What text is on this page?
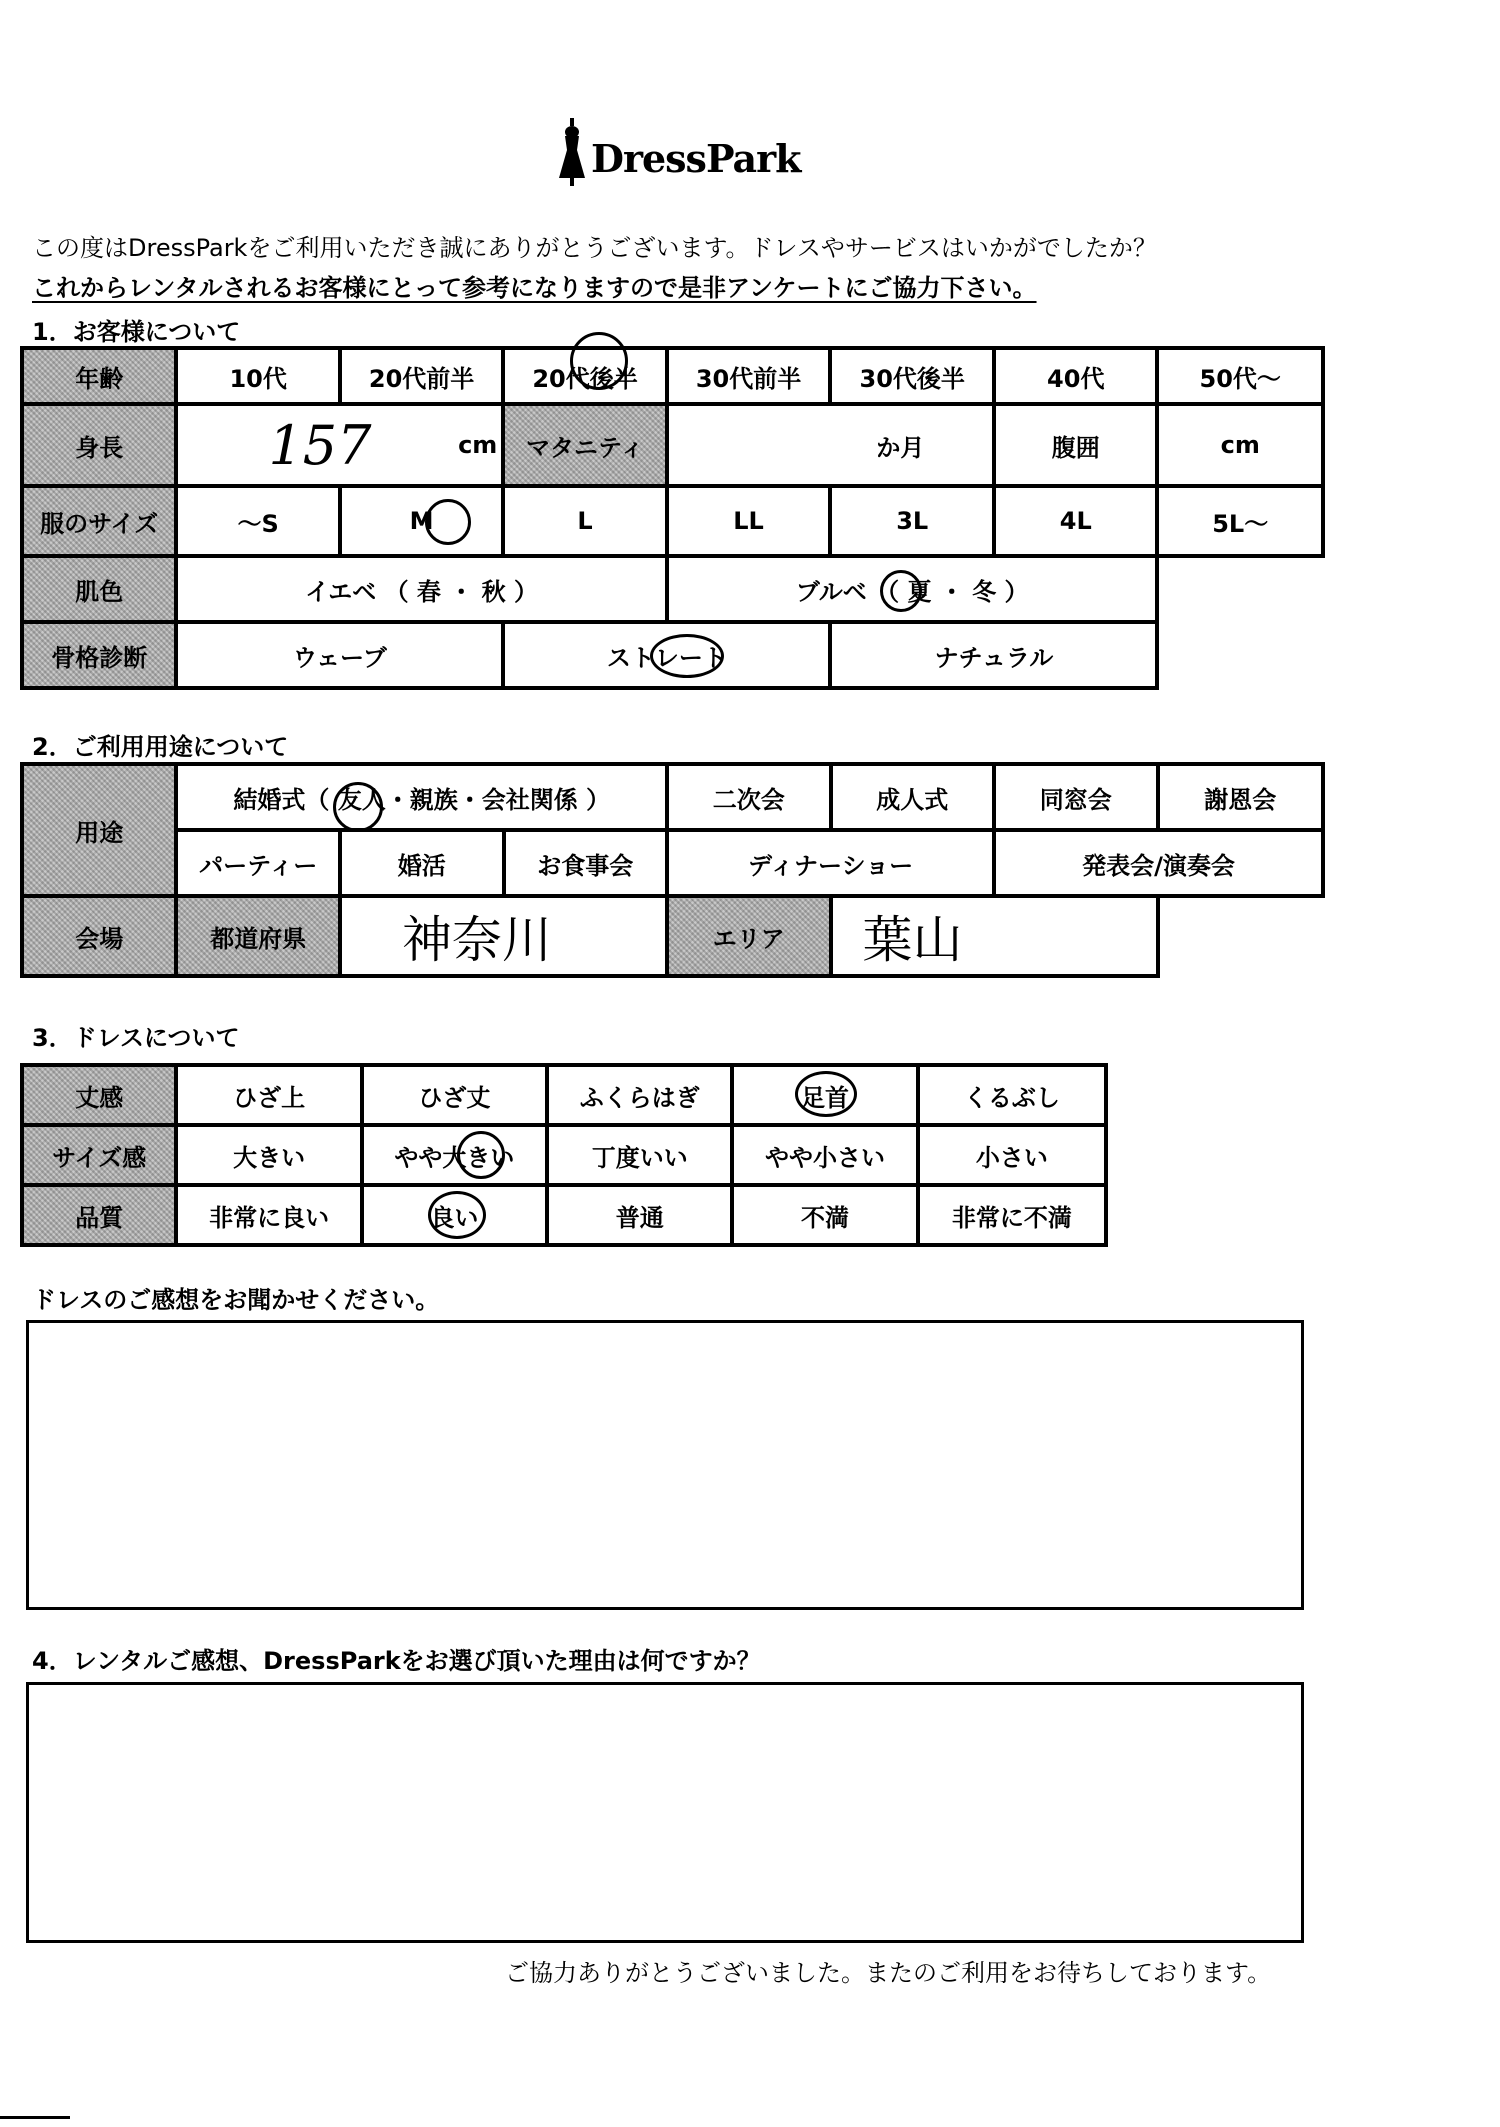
DressPark
この度はDressParkをご利用いただき誠にありがとうございます。ドレスやサービスはいかがでしたか？
これからレンタルされるお客様にとって参考になりますので是非アンケートにご協力下さい。
1．お客様について
年齢	10代	20代前半	20代後半	30代前半	30代後半	40代	50代～
身長	157 cm		マタニティ	か月		腹囲	cm
服のサイズ	～S	M	L	LL	3L	4L	5L～
肌色	イエベ （ 春 ・ 秋 ）			ブルベ （ 夏 ・ 冬 ）			
骨格診断	ウェーブ		ストレート		ナチュラル		
2．ご利用用途について
用途	結婚式（ 友人・親族・会社関係 ）			二次会	成人式	同窓会	謝恩会
	パーティー	婚活	お食事会	ディナーショー		発表会/演奏会	
会場	都道府県	神奈川		エリア	葉山		
3．ドレスについて
丈感	ひざ上	ひざ丈	ふくらはぎ	足首	くるぶし
サイズ感	大きい	やや大きい	丁度いい	やや小さい	小さい
品質	非常に良い	良い	普通	不満	非常に不満
ドレスのご感想をお聞かせください。
4．レンタルご感想、DressParkをお選び頂いた理由は何ですか？
ご協力ありがとうございました。またのご利用をお待ちしております。
